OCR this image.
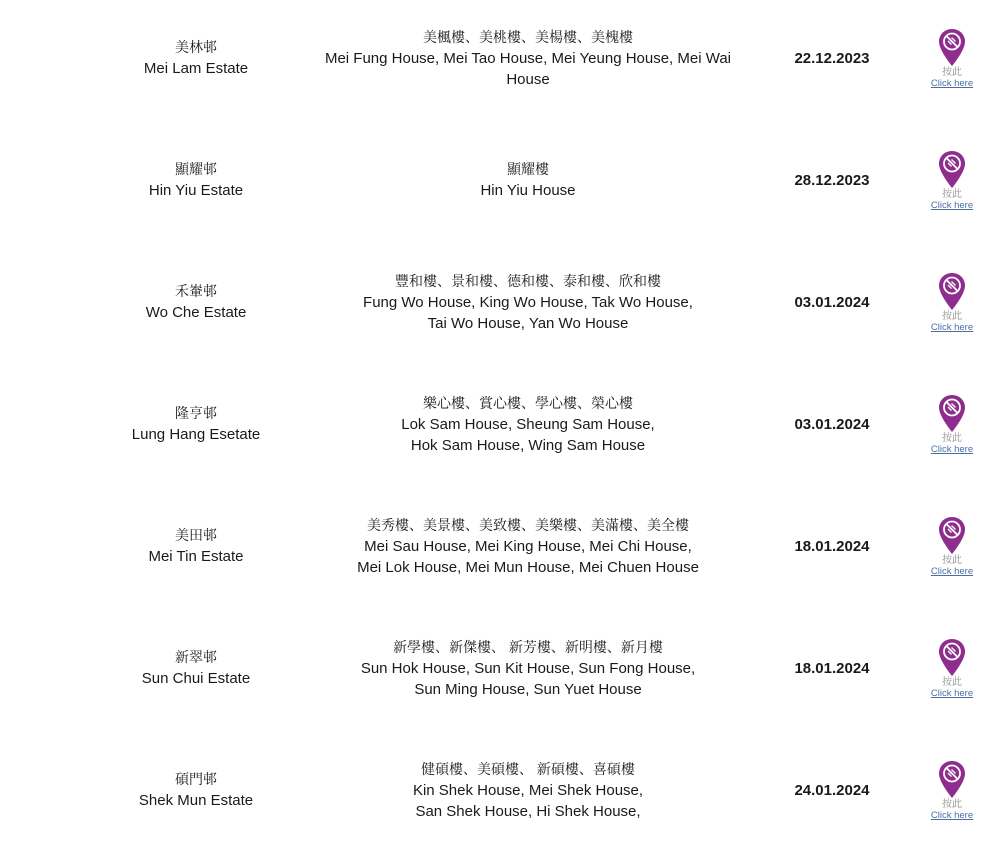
美林邨
Mei Lam Estate
美楓樓、美桃樓、美楊樓、美槐樓
Mei Fung House, Mei Tao House, Mei Yeung House, Mei Wai
House
22.12.2023
按此
Click here
顯耀邨
Hin Yiu Estate
顯耀樓
Hin Yiu House
28.12.2023
按此
Click here
禾輋邨
Wo Che Estate
豐和樓、景和樓、德和樓、泰和樓、欣和樓
Fung Wo House, King Wo House, Tak Wo House,
Tai Wo House, Yan Wo House
03.01.2024
按此
Click here
隆亨邨
Lung Hang Esetate
樂心樓、賞心樓、學心樓、榮心樓
Lok Sam House, Sheung Sam House,
Hok Sam House, Wing Sam House
03.01.2024
按此
Click here
美田邨
Mei Tin Estate
美秀樓、美景樓、美致樓、美樂樓、美滿樓、美全樓
Mei Sau House, Mei King House, Mei Chi House,
Mei Lok House, Mei Mun House, Mei Chuen House
18.01.2024
按此
Click here
新翠邨
Sun Chui Estate
新學樓、新傑樓、 新芳樓、新明樓、新月樓
Sun Hok House, Sun Kit House, Sun Fong House,
Sun Ming House, Sun Yuet House
18.01.2024
按此
Click here
碩門邨
Shek Mun Estate
健碩樓、美碩樓、 新碩樓、喜碩樓
Kin Shek House, Mei Shek House,
San Shek House, Hi Shek House,
24.01.2024
按此
Click here
